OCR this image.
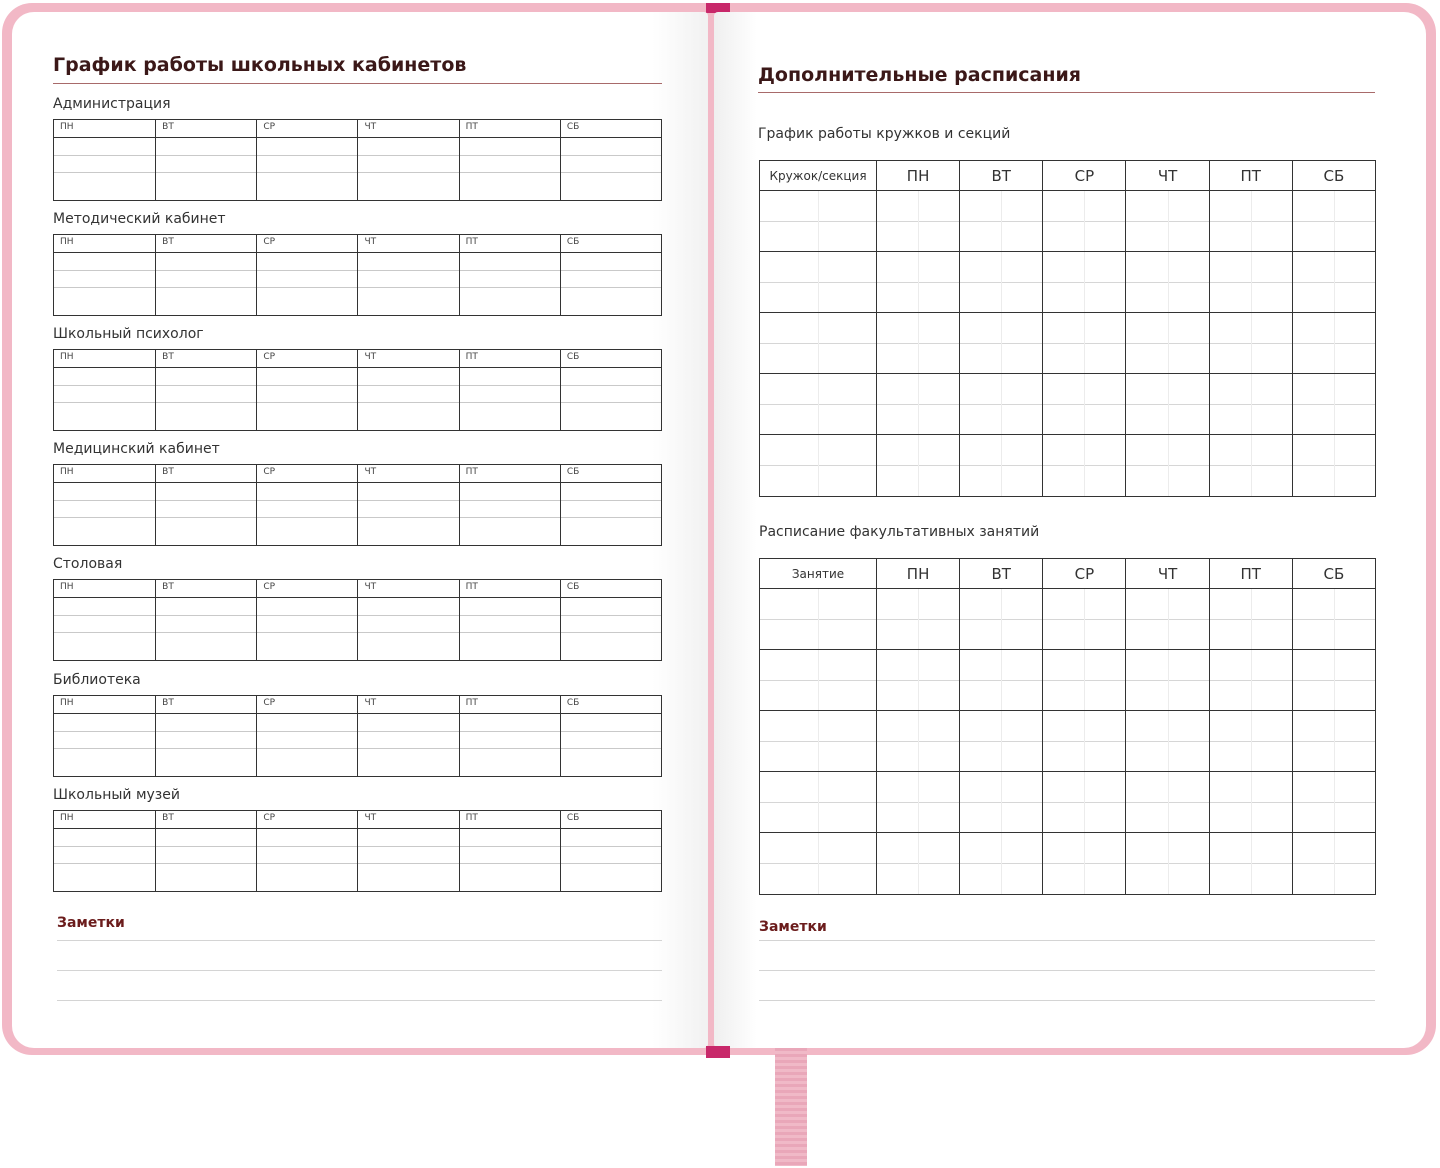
График работы школьных кабинетов
Администрация
ПН	ВТ	СР	ЧТ	ПТ	СБ
Методический кабинет
ПН	ВТ	СР	ЧТ	ПТ	СБ
Школьный психолог
ПН	ВТ	СР	ЧТ	ПТ	СБ
Медицинский кабинет
ПН	ВТ	СР	ЧТ	ПТ	СБ
Столовая
ПН	ВТ	СР	ЧТ	ПТ	СБ
Библиотека
ПН	ВТ	СР	ЧТ	ПТ	СБ
Школьный музей
ПН	ВТ	СР	ЧТ	ПТ	СБ
Заметки
Дополнительные расписания
График работы кружков и секций
Кружок/секция	ПН	ВТ	СР	ЧТ	ПТ	СБ
Расписание факультативных занятий
Занятие	ПН	ВТ	СР	ЧТ	ПТ	СБ
Заметки
